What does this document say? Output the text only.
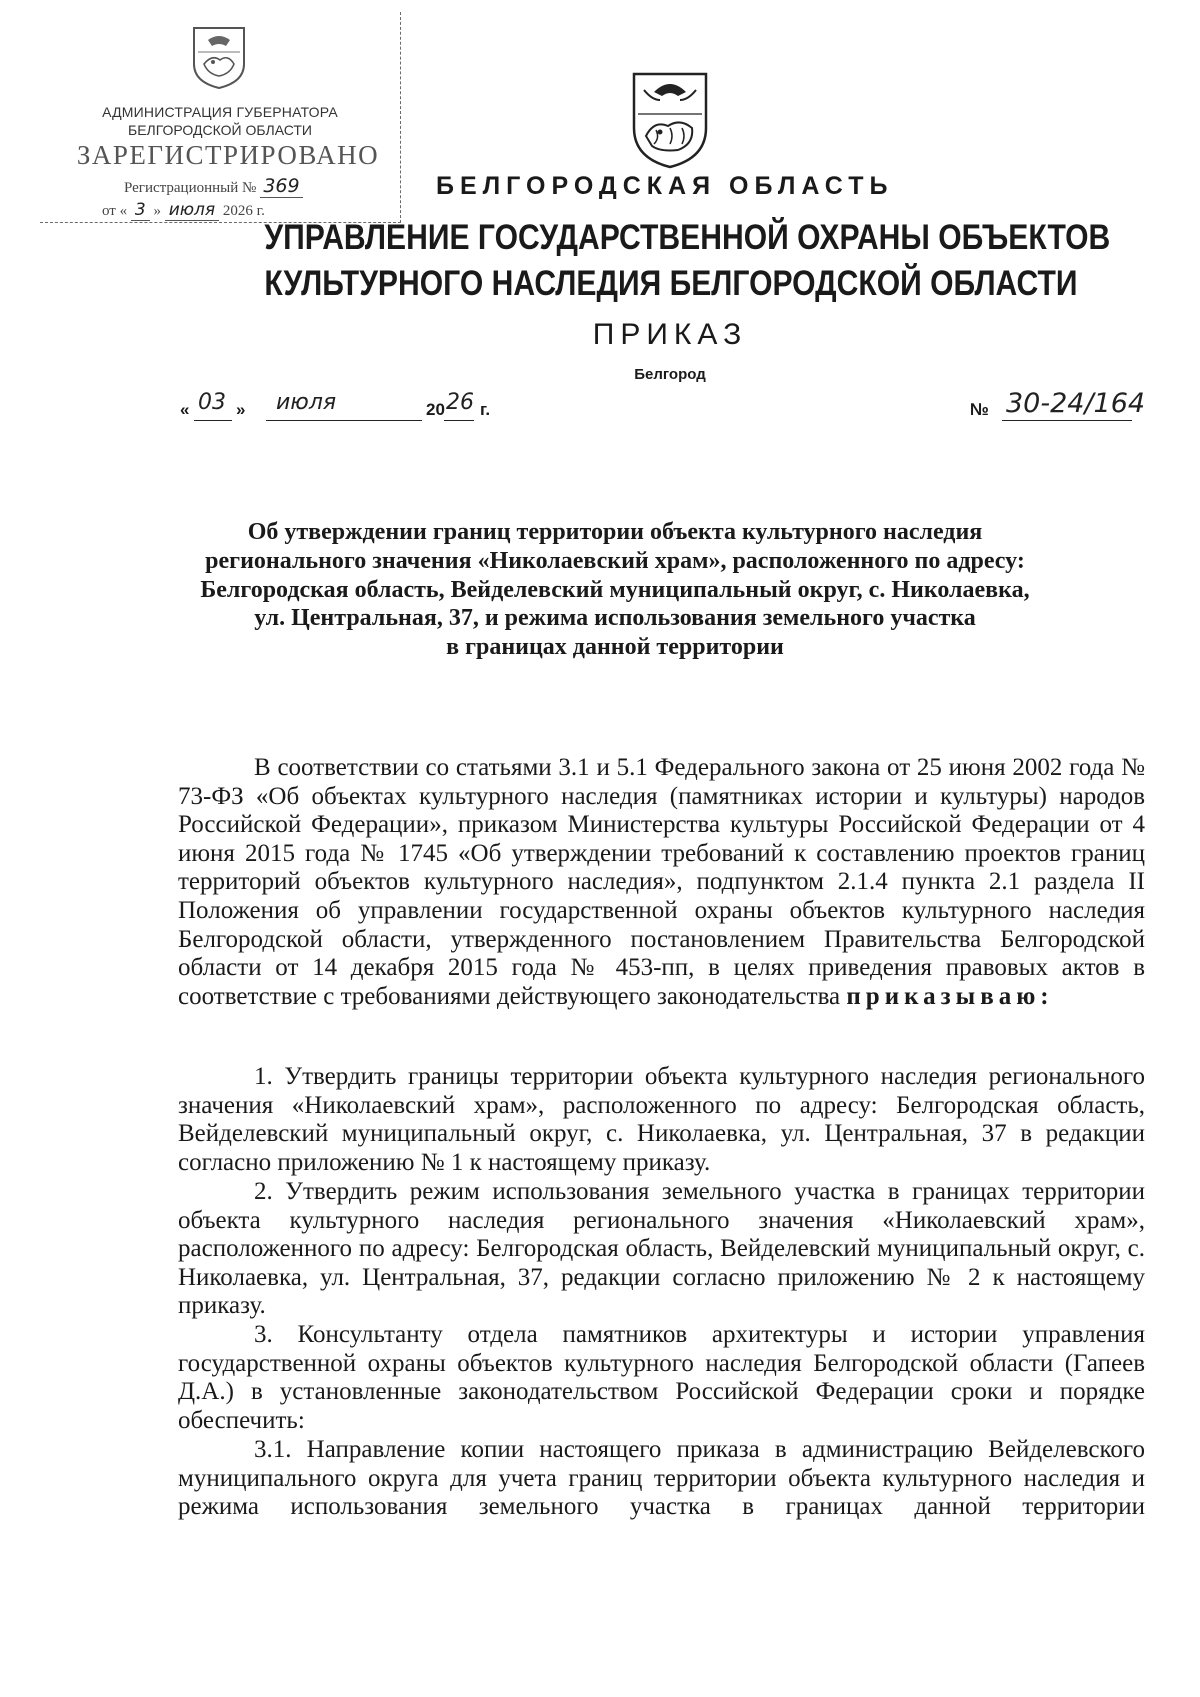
АДМИНИСТРАЦИЯ ГУБЕРНАТОРА
БЕЛГОРОДСКОЙ ОБЛАСТИ
ЗАРЕГИСТРИРОВАНО
Регистрационный № 369
от « 3 » июля 2026 г.
БЕЛГОРОДСКАЯ ОБЛАСТЬ
УПРАВЛЕНИЕ ГОСУДАРСТВЕННОЙ ОХРАНЫ ОБЪЕКТОВ
КУЛЬТУРНОГО НАСЛЕДИЯ БЕЛГОРОДСКОЙ ОБЛАСТИ
ПРИКАЗ
Белгород
« 03 » июля	20 26 г.	№ 30-24/164
Об утверждении границ территории объекта культурного наследия
регионального значения «Николаевский храм», расположенного по адресу:
Белгородская область, Вейделевский муниципальный округ, с. Николаевка,
ул. Центральная, 37, и режима использования земельного участка
в границах данной территории

В соответствии со статьями 3.1 и 5.1 Федерального закона от 25 июня 2002 года № 73-ФЗ «Об объектах культурного наследия (памятниках истории и культуры) народов Российской Федерации», приказом Министерства культуры Российской Федерации от 4 июня 2015 года № 1745 «Об утверждении требований к составлению проектов границ территорий объектов культурного наследия», подпунктом 2.1.4 пункта 2.1 раздела II Положения об управлении государственной охраны объектов культурного наследия Белгородской области, утвержденного постановлением Правительства Белгородской области от 14 декабря 2015 года № 453-пп, в целях приведения правовых актов в соответствие с требованиями действующего законодательства приказываю:

1. Утвердить границы территории объекта культурного наследия регионального значения «Николаевский храм», расположенного по адресу: Белгородская область, Вейделевский муниципальный округ, с. Николаевка, ул. Центральная, 37 в редакции согласно приложению № 1 к настоящему приказу.

2. Утвердить режим использования земельного участка в границах территории объекта культурного наследия регионального значения «Николаевский храм», расположенного по адресу: Белгородская область, Вейделевский муниципальный округ, с. Николаевка, ул. Центральная, 37, редакции согласно приложению № 2 к настоящему приказу.

3. Консультанту отдела памятников архитектуры и истории управления государственной охраны объектов культурного наследия Белгородской области (Гапеев Д.А.) в установленные законодательством Российской Федерации сроки и порядке обеспечить:

3.1. Направление копии настоящего приказа в администрацию Вейделевского муниципального округа для учета границ территории объекта культурного наследия и режима использования земельного участка в границах данной территории
